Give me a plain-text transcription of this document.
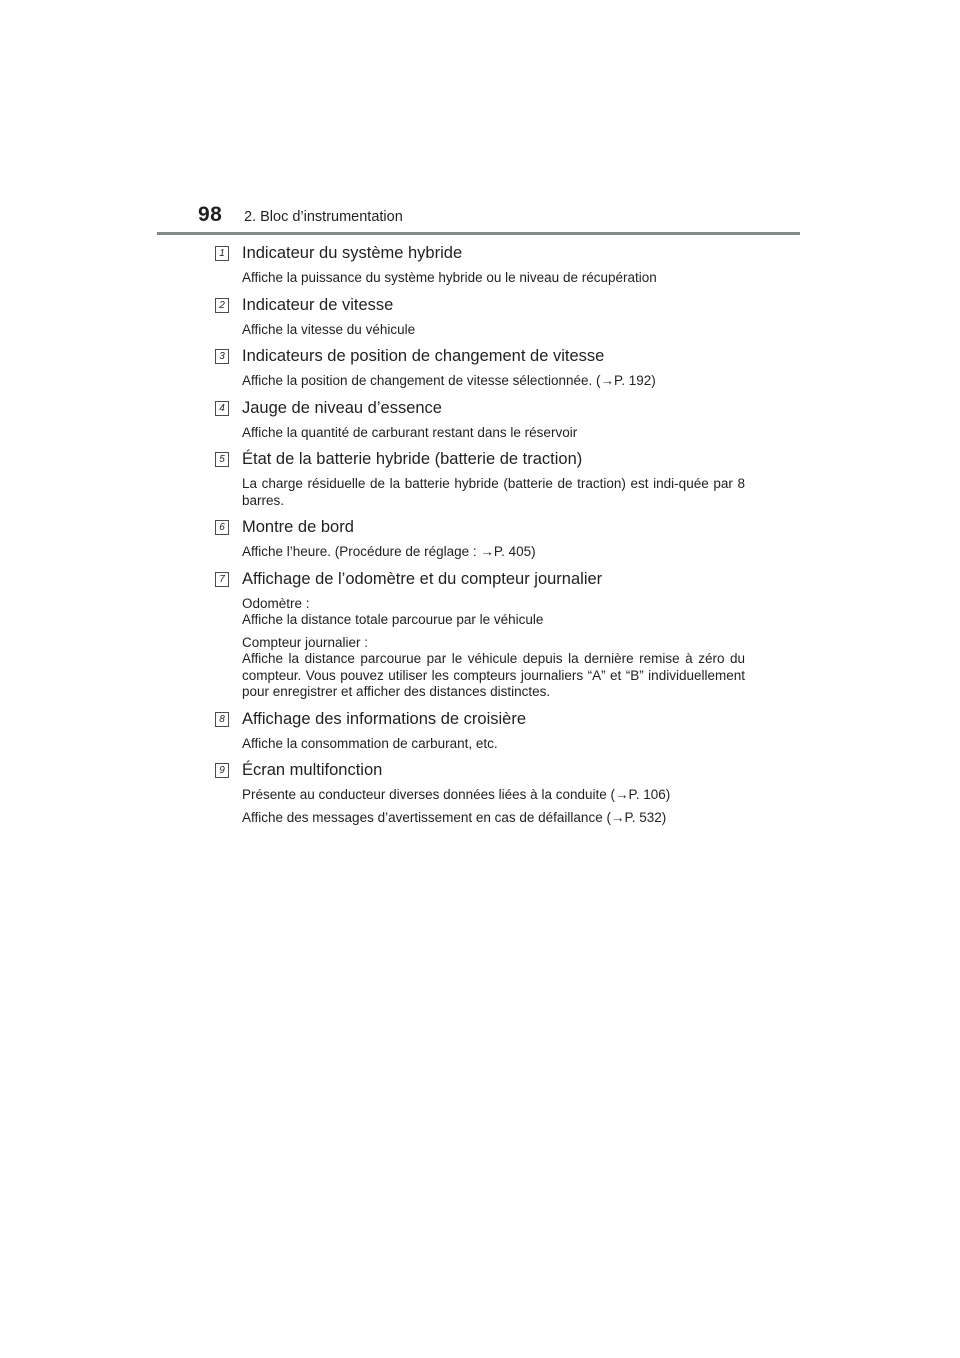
98 2. Bloc d’instrumentation
1 Indicateur du système hybride

Affiche la puissance du système hybride ou le niveau de récupération

2 Indicateur de vitesse

Affiche la vitesse du véhicule

3 Indicateurs de position de changement de vitesse

Affiche la position de changement de vitesse sélectionnée. (→P. 192)

4 Jauge de niveau d’essence

Affiche la quantité de carburant restant dans le réservoir

5 État de la batterie hybride (batterie de traction)

La charge résiduelle de la batterie hybride (batterie de traction) est indi-quée par 8 barres.

6 Montre de bord

Affiche l’heure. (Procédure de réglage : →P. 405)

7 Affichage de l’odomètre et du compteur journalier

Odomètre :

Affiche la distance totale parcourue par le véhicule

Compteur journalier :

Affiche la distance parcourue par le véhicule depuis la dernière remise à zéro du compteur. Vous pouvez utiliser les compteurs journaliers “A” et “B” individuellement pour enregistrer et afficher des distances distinctes.

8 Affichage des informations de croisière

Affiche la consommation de carburant, etc.

9 Écran multifonction

Présente au conducteur diverses données liées à la conduite (→P. 106)

Affiche des messages d’avertissement en cas de défaillance (→P. 532)
